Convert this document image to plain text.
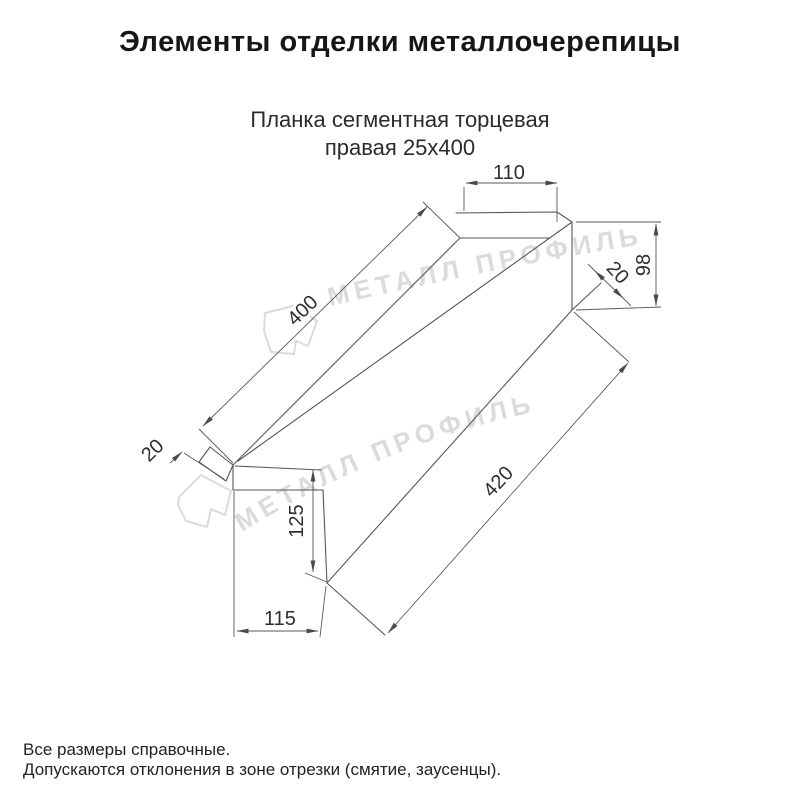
Элементы отделки металлочерепицы
Планка сегментная торцевая
правая 25х400
МЕТАЛЛ ПРОФИЛЬ
МЕТАЛЛ ПРОФИЛЬ
110
98
20
400
20
420
125
115
Все размеры справочные.
Допускаются отклонения в зоне отрезки (смятие, заусенцы).
